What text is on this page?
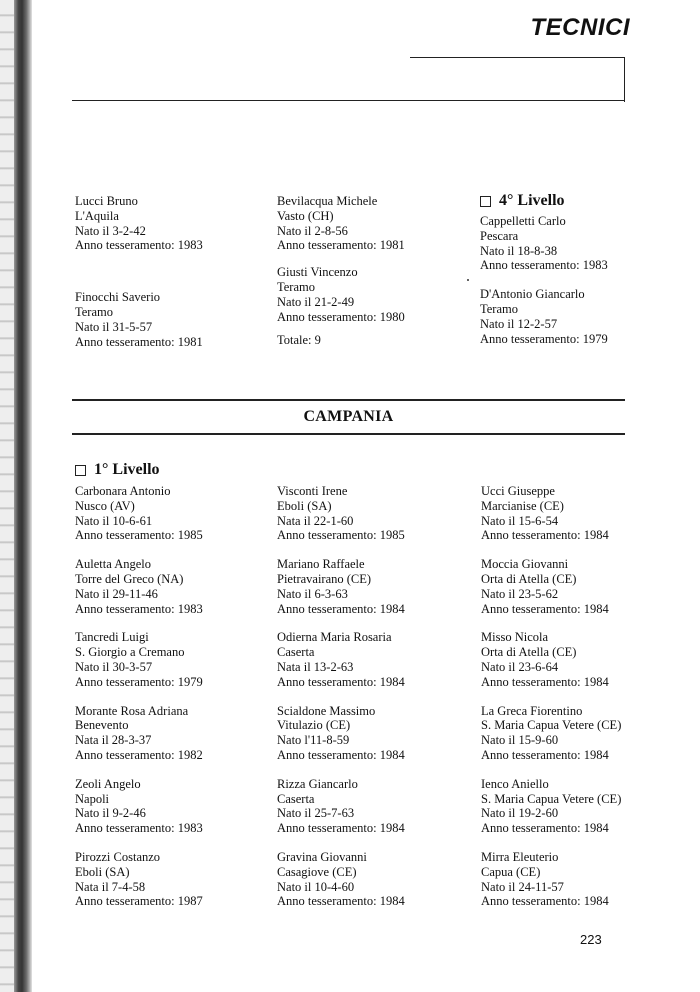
TECNICI
Lucci Bruno
L'Aquila
Nato il 3-2-42
Anno tesseramento: 1983
Finocchi Saverio
Teramo
Nato il 31-5-57
Anno tesseramento: 1981
Bevilacqua Michele
Vasto (CH)
Nato il 2-8-56
Anno tesseramento: 1981
Giusti Vincenzo
Teramo
Nato il 21-2-49
Anno tesseramento: 1980
Totale: 9
4° Livello
Cappelletti Carlo
Pescara
Nato il 18-8-38
Anno tesseramento: 1983
D'Antonio Giancarlo
Teramo
Nato il 12-2-57
Anno tesseramento: 1979
CAMPANIA
1° Livello
Carbonara Antonio
Nusco (AV)
Nato il 10-6-61
Anno tesseramento: 1985
Auletta Angelo
Torre del Greco (NA)
Nato il 29-11-46
Anno tesseramento: 1983
Tancredi Luigi
S. Giorgio a Cremano
Nato il 30-3-57
Anno tesseramento: 1979
Morante Rosa Adriana
Benevento
Nata il 28-3-37
Anno tesseramento: 1982
Zeoli Angelo
Napoli
Nato il 9-2-46
Anno tesseramento: 1983
Pirozzi Costanzo
Eboli (SA)
Nata il 7-4-58
Anno tesseramento: 1987
Visconti Irene
Eboli (SA)
Nata il 22-1-60
Anno tesseramento: 1985
Mariano Raffaele
Pietravairano (CE)
Nato il 6-3-63
Anno tesseramento: 1984
Odierna Maria Rosaria
Caserta
Nata il 13-2-63
Anno tesseramento: 1984
Scialdone Massimo
Vitulazio (CE)
Nato l'11-8-59
Anno tesseramento: 1984
Rizza Giancarlo
Caserta
Nato il 25-7-63
Anno tesseramento: 1984
Gravina Giovanni
Casagiove (CE)
Nato il 10-4-60
Anno tesseramento: 1984
Ucci Giuseppe
Marcianise (CE)
Nato il 15-6-54
Anno tesseramento: 1984
Moccia Giovanni
Orta di Atella (CE)
Nato il 23-5-62
Anno tesseramento: 1984
Misso Nicola
Orta di Atella (CE)
Nato il 23-6-64
Anno tesseramento: 1984
La Greca Fiorentino
S. Maria Capua Vetere (CE)
Nato il 15-9-60
Anno tesseramento: 1984
Ienco Aniello
S. Maria Capua Vetere (CE)
Nato il 19-2-60
Anno tesseramento: 1984
Mirra Eleuterio
Capua (CE)
Nato il 24-11-57
Anno tesseramento: 1984
223
